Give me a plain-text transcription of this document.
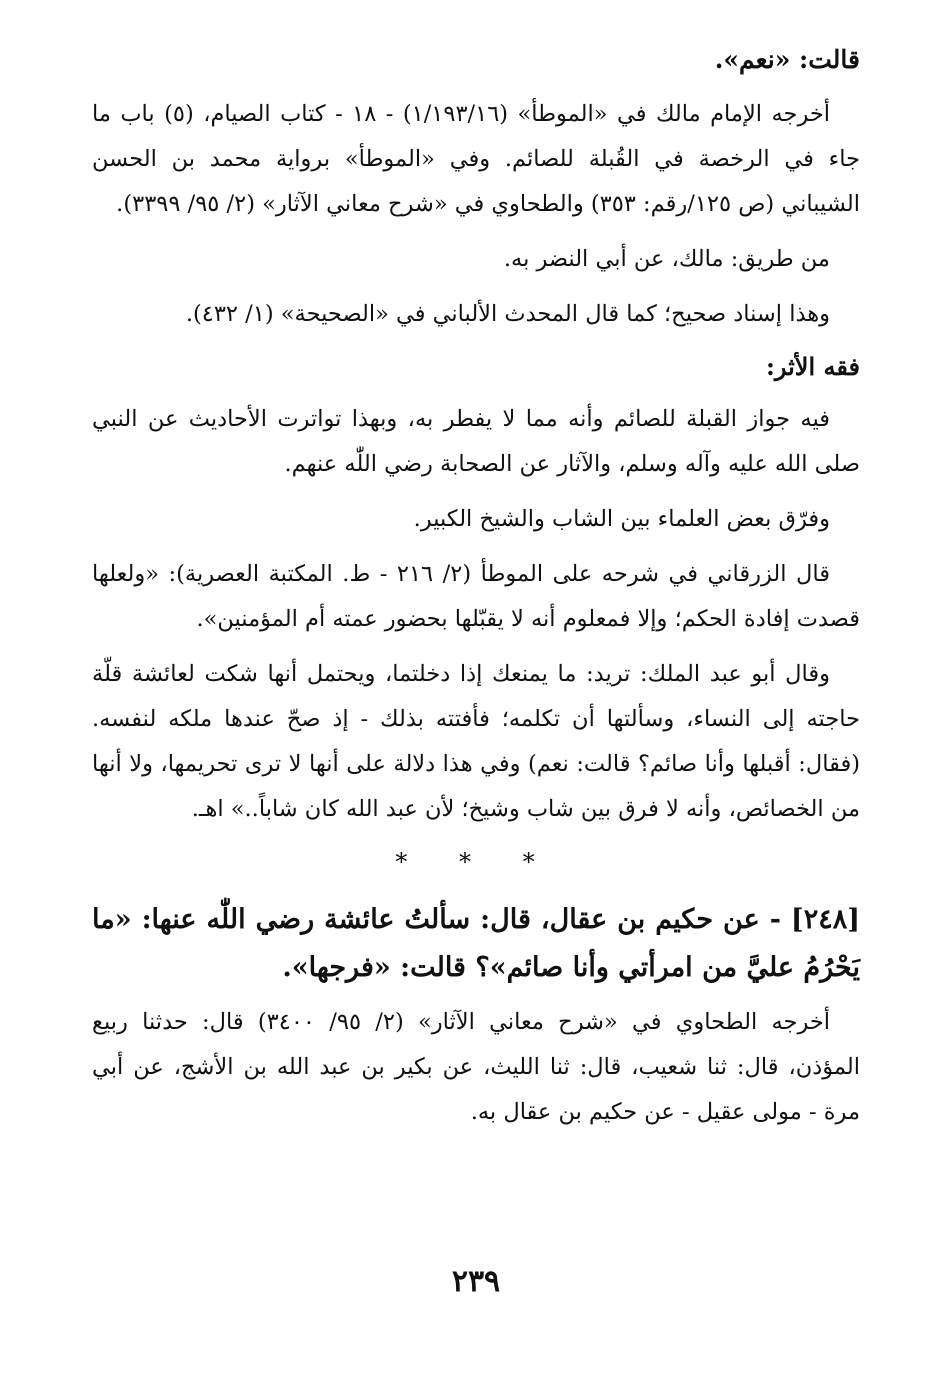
قالت: «نعم».

أخرجه الإمام مالك في «الموطأ» (١/١٩٣/١٦) - ١٨ - كتاب الصيام، (٥) باب ما جاء في الرخصة في القُبلة للصائم. وفي «الموطأ» برواية محمد بن الحسن الشيباني (ص ١٢٥/رقم: ٣٥٣) والطحاوي في «شرح معاني الآثار» (٢/ ٩٥/ ٣٣٩٩).

من طريق: مالك، عن أبي النضر به.

وهذا إسناد صحيح؛ كما قال المحدث الألباني في «الصحيحة» (١/ ٤٣٢).

فقه الأثر:

فيه جواز القبلة للصائم وأنه مما لا يفطر به، وبهذا تواترت الأحاديث عن النبي صلى الله عليه وآله وسلم، والآثار عن الصحابة رضي اللّٰه عنهم.

وفرّق بعض العلماء بين الشاب والشيخ الكبير.

قال الزرقاني في شرحه على الموطأ (٢/ ٢١٦ - ط. المكتبة العصرية): «ولعلها قصدت إفادة الحكم؛ وإلا فمعلوم أنه لا يقبّلها بحضور عمته أم المؤمنين».

وقال أبو عبد الملك: تريد: ما يمنعك إذا دخلتما، ويحتمل أنها شكت لعائشة قلّة حاجته إلى النساء، وسألتها أن تكلمه؛ فأفتته بذلك - إذ صحّ عندها ملكه لنفسه. (فقال: أقبلها وأنا صائم؟ قالت: نعم) وفي هذا دلالة على أنها لا ترى تحريمها، ولا أنها من الخصائص، وأنه لا فرق بين شاب وشيخ؛ لأن عبد الله كان شاباً..» اهـ.

* * *
[٢٤٨] - عن حكيم بن عقال، قال: سألتُ عائشة رضي اللّٰه عنها: «ما يَحْرُمُ عليَّ من امرأتي وأنا صائم»؟ قالت: «فرجها».

أخرجه الطحاوي في «شرح معاني الآثار» (٢/ ٩٥/ ٣٤٠٠) قال: حدثنا ربيع المؤذن، قال: ثنا شعيب، قال: ثنا الليث، عن بكير بن عبد الله بن الأشج، عن أبي مرة - مولى عقيل - عن حكيم بن عقال به.

٢٣٩
